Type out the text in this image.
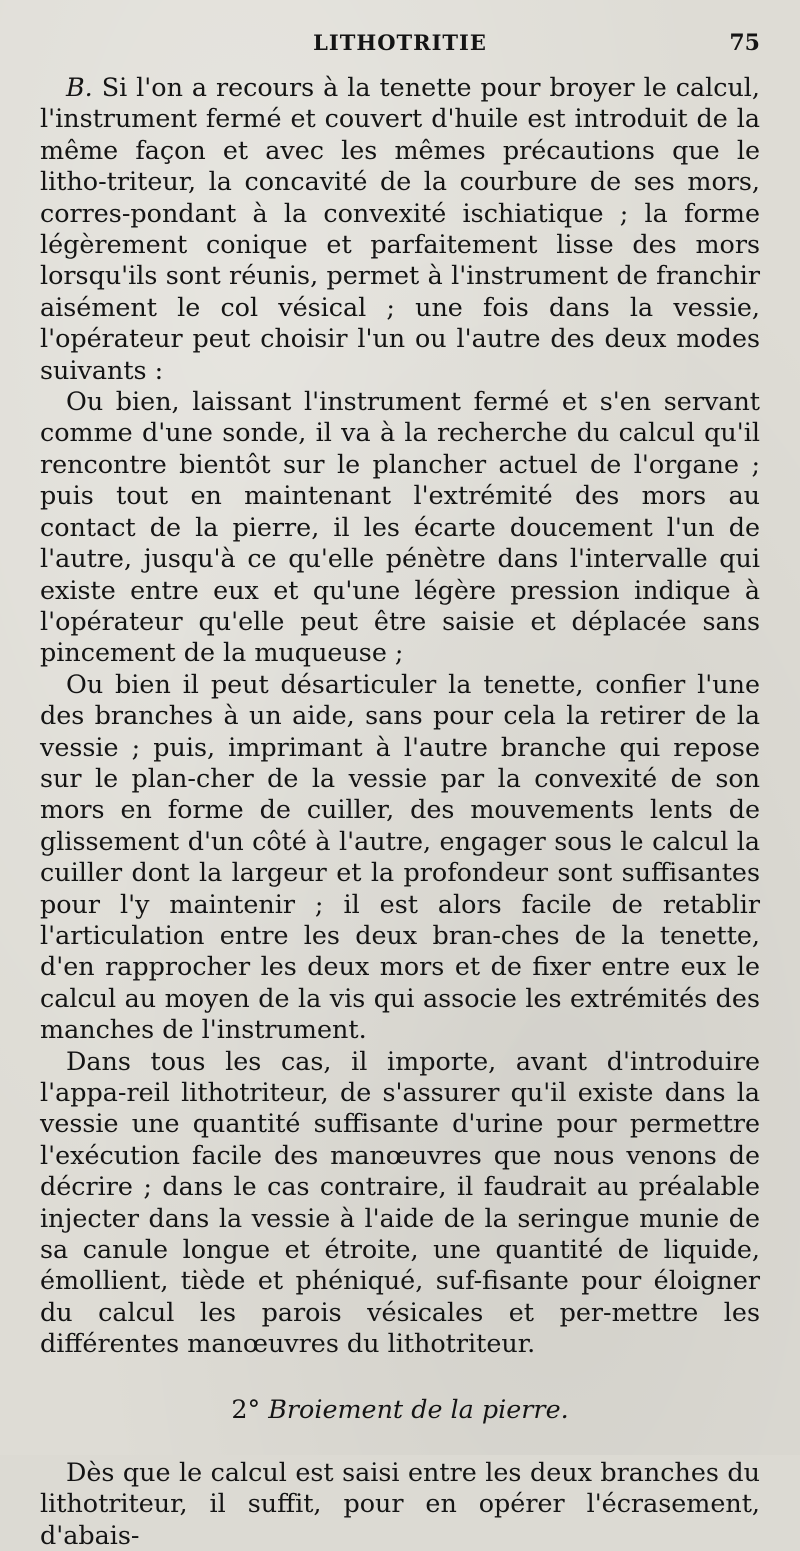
LITHOTRITIE	75

B. Si l'on a recours à la tenette pour broyer le calcul, l'instrument fermé et couvert d'huile est introduit de la même façon et avec les mêmes précautions que le litho-triteur, la concavité de la courbure de ses mors, corres-pondant à la convexité ischiatique ; la forme légèrement conique et parfaitement lisse des mors lorsqu'ils sont réunis, permet à l'instrument de franchir aisément le col vésical ; une fois dans la vessie, l'opérateur peut choisir l'un ou l'autre des deux modes suivants :

Ou bien, laissant l'instrument fermé et s'en servant comme d'une sonde, il va à la recherche du calcul qu'il rencontre bientôt sur le plancher actuel de l'organe ; puis tout en maintenant l'extrémité des mors au contact de la pierre, il les écarte doucement l'un de l'autre, jusqu'à ce qu'elle pénètre dans l'intervalle qui existe entre eux et qu'une légère pression indique à l'opérateur qu'elle peut être saisie et déplacée sans pincement de la muqueuse ;

Ou bien il peut désarticuler la tenette, confier l'une des branches à un aide, sans pour cela la retirer de la vessie ; puis, imprimant à l'autre branche qui repose sur le plan-cher de la vessie par la convexité de son mors en forme de cuiller, des mouvements lents de glissement d'un côté à l'autre, engager sous le calcul la cuiller dont la largeur et la profondeur sont suffisantes pour l'y maintenir ; il est alors facile de retablir l'articulation entre les deux bran-ches de la tenette, d'en rapprocher les deux mors et de fixer entre eux le calcul au moyen de la vis qui associe les extrémités des manches de l'instrument.

Dans tous les cas, il importe, avant d'introduire l'appa-reil lithotriteur, de s'assurer qu'il existe dans la vessie une quantité suffisante d'urine pour permettre l'exécution facile des manœuvres que nous venons de décrire ; dans le cas contraire, il faudrait au préalable injecter dans la vessie à l'aide de la seringue munie de sa canule longue et étroite, une quantité de liquide, émollient, tiède et phéniqué, suf-fisante pour éloigner du calcul les parois vésicales et per-mettre les différentes manœuvres du lithotriteur.

2° Broiement de la pierre.

Dès que le calcul est saisi entre les deux branches du lithotriteur, il suffit, pour en opérer l'écrasement, d'abais-
